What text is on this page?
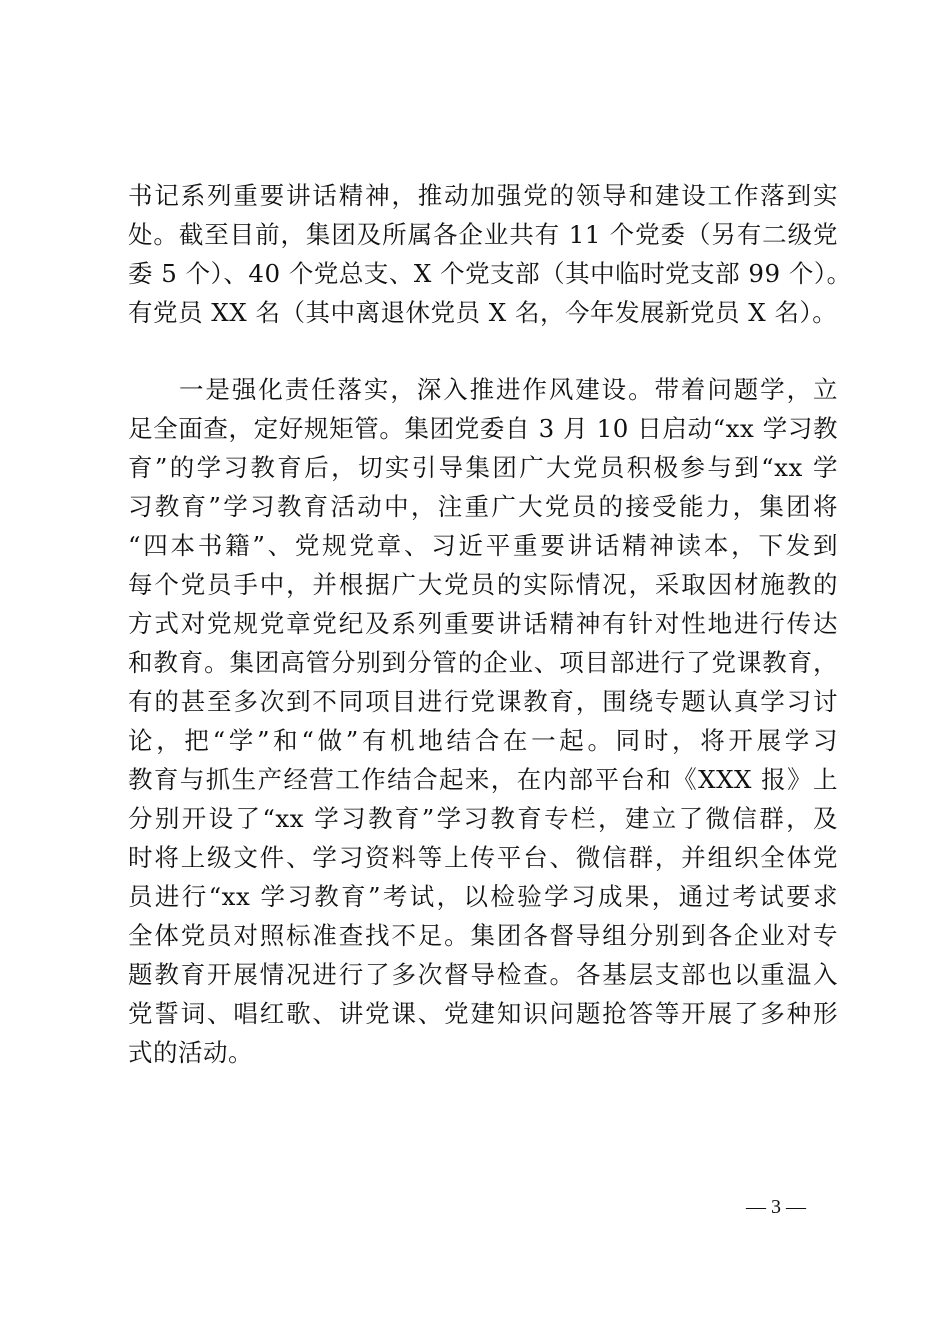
书记系列重要讲话精神，推动加强党的领导和建设工作落到实
处。截至目前，集团及所属各企业共有 11 个党委（另有二级党
委 5 个）、40 个党总支、X 个党支部（其中临时党支部 99 个）。
有党员 XX 名（其中离退休党员 X 名，今年发展新党员 X 名）。
一是强化责任落实，深入推进作风建设。带着问题学，立
足全面查，定好规矩管。集团党委自 3 月 10 日启动“xx 学习教
育”的学习教育后，切实引导集团广大党员积极参与到“xx 学
习教育”学习教育活动中，注重广大党员的接受能力，集团将
“四本书籍”、党规党章、习近平重要讲话精神读本，下发到
每个党员手中，并根据广大党员的实际情况，采取因材施教的
方式对党规党章党纪及系列重要讲话精神有针对性地进行传达
和教育。集团高管分别到分管的企业、项目部进行了党课教育，
有的甚至多次到不同项目进行党课教育，围绕专题认真学习讨
论，把“学”和“做”有机地结合在一起。同时，将开展学习
教育与抓生产经营工作结合起来，在内部平台和《XXX 报》上
分别开设了“xx 学习教育”学习教育专栏，建立了微信群，及
时将上级文件、学习资料等上传平台、微信群，并组织全体党
员进行“xx 学习教育”考试，以检验学习成果，通过考试要求
全体党员对照标准查找不足。集团各督导组分别到各企业对专
题教育开展情况进行了多次督导检查。各基层支部也以重温入
党誓词、唱红歌、讲党课、党建知识问题抢答等开展了多种形
式的活动。
— 3 —
